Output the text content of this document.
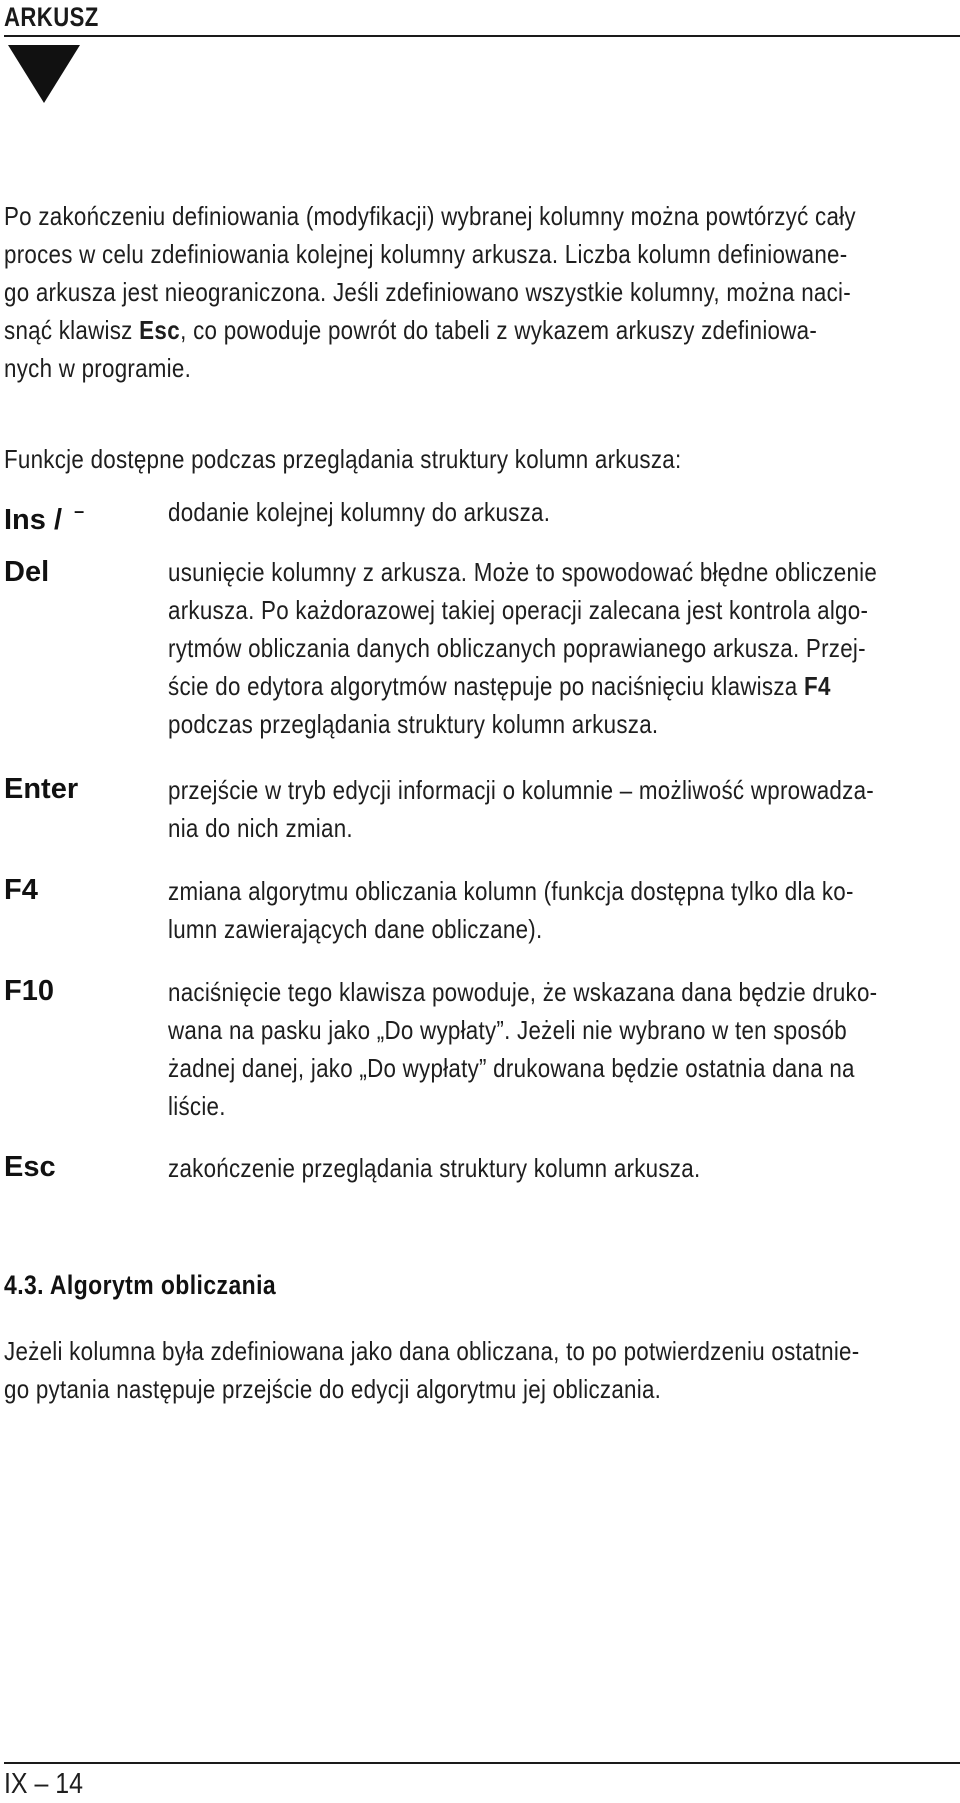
ARKUSZ
Po zakończeniu definiowania (modyfikacji) wybranej kolumny można powtórzyć cały
proces w celu zdefiniowania kolejnej kolumny arkusza. Liczba kolumn definiowane-
go arkusza jest nieograniczona. Jeśli zdefiniowano wszystkie kolumny, można naci-
snąć klawisz Esc, co powoduje powrót do tabeli z wykazem arkuszy zdefiniowa-
nych w programie.
Funkcje dostępne podczas przeglądania struktury kolumn arkusza:
Ins / –	dodanie kolejnej kolumny do arkusza.
Del	usunięcie kolumny z arkusza. Może to spowodować błędne obliczenie
arkusza. Po każdorazowej takiej operacji zalecana jest kontrola algo-
rytmów obliczania danych obliczanych poprawianego arkusza. Przej-
ście do edytora algorytmów następuje po naciśnięciu klawisza F4
podczas przeglądania struktury kolumn arkusza.
Enter	przejście w tryb edycji informacji o kolumnie – możliwość wprowadza-
nia do nich zmian.
F4	zmiana algorytmu obliczania kolumn (funkcja dostępna tylko dla ko-
lumn zawierających dane obliczane).
F10	naciśnięcie tego klawisza powoduje, że wskazana dana będzie druko-
wana na pasku jako „Do wypłaty”. Jeżeli nie wybrano w ten sposób
żadnej danej, jako „Do wypłaty” drukowana będzie ostatnia dana na
liście.
Esc	zakończenie przeglądania struktury kolumn arkusza.
4.3. Algorytm obliczania
Jeżeli kolumna była zdefiniowana jako dana obliczana, to po potwierdzeniu ostatnie-
go pytania następuje przejście do edycji algorytmu jej obliczania.
IX – 14
